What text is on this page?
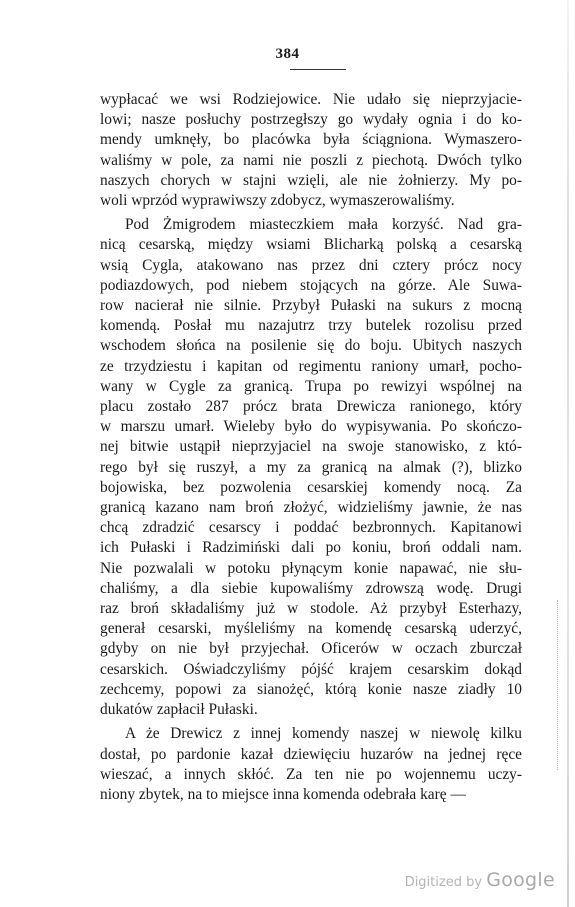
384
wypłacać we wsi Rodziejowice. Nie udało się nieprzyjacie-
lowi; nasze posłuchy postrzegłszy go wydały ognia i do ko-
mendy umknęły, bo placówka była ściągniona. Wymaszero-
waliśmy w pole, za nami nie poszli z piechotą. Dwóch tylko
naszych chorych w stajni wzięli, ale nie żołnierzy. My po-
woli wprzód wyprawiwszy zdobycz, wymaszerowaliśmy.
Pod Żmigrodem miasteczkiem mała korzyść. Nad gra-
nicą cesarską, między wsiami Blicharką polską a cesarską
wsią Cygla, atakowano nas przez dni cztery prócz nocy
podiazdowych, pod niebem stojących na górze. Ale Suwa-
row nacierał nie silnie. Przybył Pułaski na sukurs z mocną
komendą. Posłał mu nazajutrz trzy butelek rozolisu przed
wschodem słońca na posilenie się do boju. Ubitych naszych
ze trzydziestu i kapitan od regimentu raniony umarł, pocho-
wany w Cygle za granicą. Trupa po rewizyi wspólnej na
placu zostało 287 prócz brata Drewicza ranionego, który
w marszu umarł. Wieleby było do wypisywania. Po skończo-
nej bitwie ustąpił nieprzyjaciel na swoje stanowisko, z któ-
rego był się ruszył, a my za granicą na almak (?), blizko
bojowiska, bez pozwolenia cesarskiej komendy nocą. Za
granicą kazano nam broń złożyć, widzieliśmy jawnie, że nas
chcą zdradzić cesarscy i poddać bezbronnych. Kapitanowi
ich Pułaski i Radzimiński dali po koniu, broń oddali nam.
Nie pozwalali w potoku płynącym konie napawać, nie słu-
chaliśmy, a dla siebie kupowaliśmy zdrowszą wodę. Drugi
raz broń składaliśmy już w stodole. Aż przybył Esterhazy,
generał cesarski, myśleliśmy na komendę cesarską uderzyć,
gdyby on nie był przyjechał. Oficerów w oczach zburczał
cesarskich. Oświadczyliśmy pójść krajem cesarskim dokąd
zechcemy, popowi za sianożęć, którą konie nasze ziadły 10
dukatów zapłacił Pułaski.
A że Drewicz z innej komendy naszej w niewolę kilku
dostał, po pardonie kazał dziewięciu huzarów na jednej ręce
wieszać, a innych skłóć. Za ten nie po wojennemu uczy-
niony zbytek, na to miejsce inna komenda odebrała karę —
Digitized by Google
